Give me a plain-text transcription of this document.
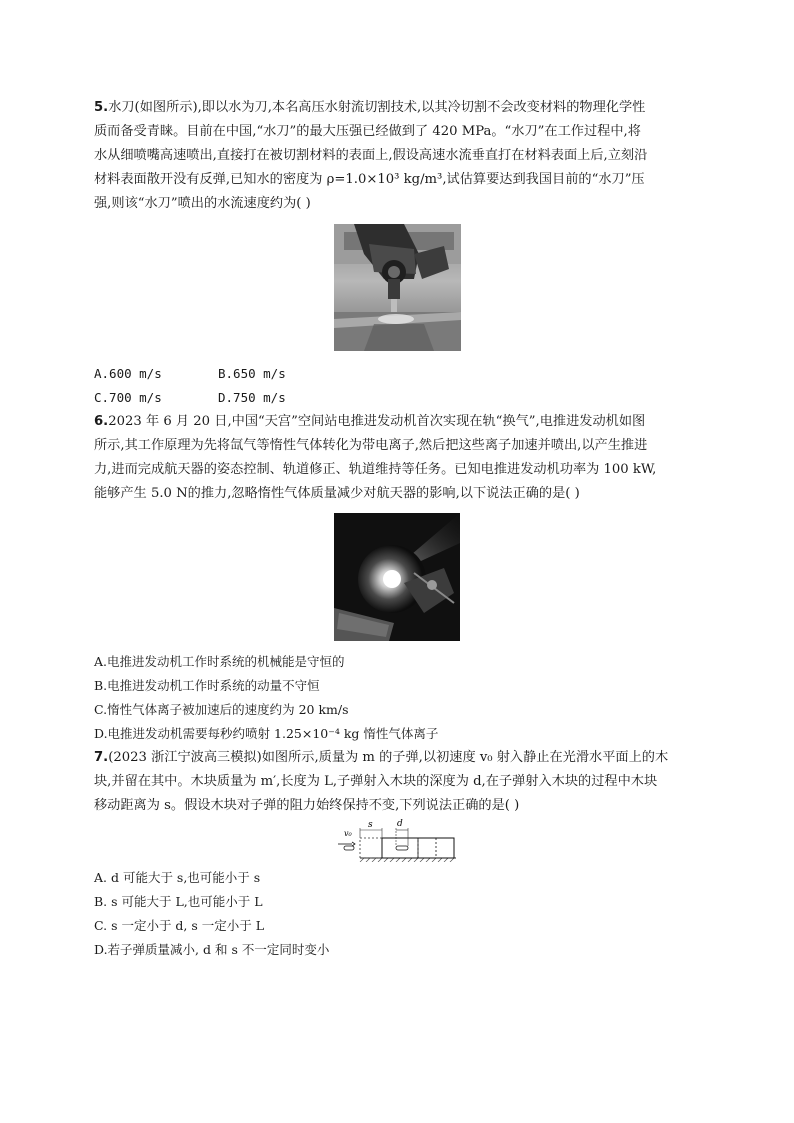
5.水刀(如图所示),即以水为刀,本名高压水射流切割技术,以其冷切割不会改变材料的物理化学性
质而备受青睐。目前在中国,“水刀”的最大压强已经做到了 420 MPa。“水刀”在工作过程中,将
水从细喷嘴高速喷出,直接打在被切割材料的表面上,假设高速水流垂直打在材料表面上后,立刻沿
材料表面散开没有反弹,已知水的密度为 ρ=1.0×10³ kg/m³,试估算要达到我国目前的“水刀”压
强,则该“水刀”喷出的水流速度约为( )
A.600 m/s	B.650 m/s
C.700 m/s	D.750 m/s
6.2023 年 6 月 20 日,中国“天宫”空间站电推进发动机首次实现在轨“换气”,电推进发动机如图
所示,其工作原理为先将氙气等惰性气体转化为带电离子,然后把这些离子加速并喷出,以产生推进
力,进而完成航天器的姿态控制、轨道修正、轨道维持等任务。已知电推进发动机功率为 100 kW,
能够产生 5.0 N的推力,忽略惰性气体质量减少对航天器的影响,以下说法正确的是( )
A.电推进发动机工作时系统的机械能是守恒的
B.电推进发动机工作时系统的动量不守恒
C.惰性气体离子被加速后的速度约为 20 km/s
D.电推进发动机需要每秒约喷射 1.25×10⁻⁴ kg 惰性气体离子
7.(2023 浙江宁波高三模拟)如图所示,质量为 m 的子弹,以初速度 v₀ 射入静止在光滑水平面上的木
块,并留在其中。木块质量为 m′,长度为 L,子弹射入木块的深度为 d,在子弹射入木块的过程中木块
移动距离为 s。假设木块对子弹的阻力始终保持不变,下列说法正确的是( )
v₀
s	d
A. d 可能大于 s,也可能小于 s
B. s 可能大于 L,也可能小于 L
C. s 一定小于 d, s 一定小于 L
D.若子弹质量减小, d 和 s 不一定同时变小
